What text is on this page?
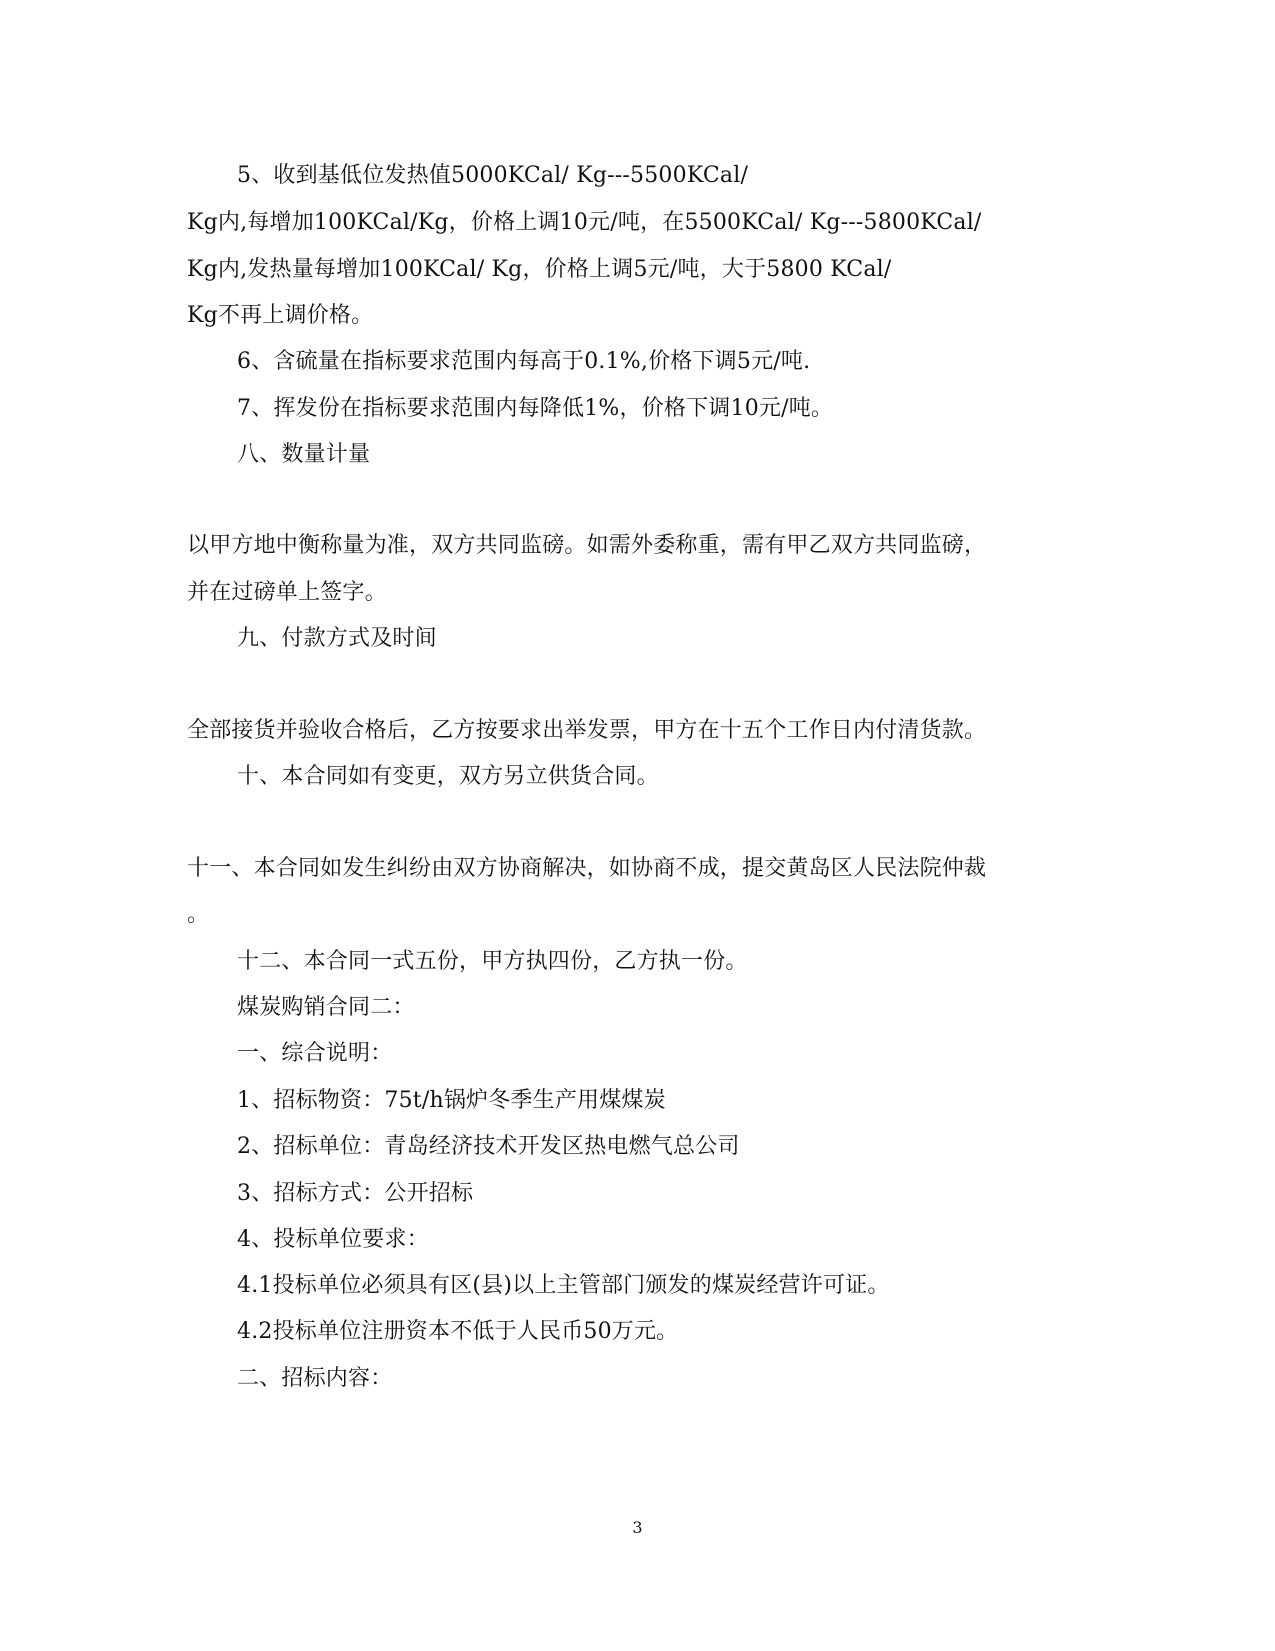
5、收到基低位发热值5000KCal/ Kg---5500KCal/

Kg内,每增加100KCal/Kg，价格上调10元/吨，在5500KCal/ Kg---5800KCal/

Kg内,发热量每增加100KCal/ Kg，价格上调5元/吨，大于5800 KCal/

Kg不再上调价格。

6、含硫量在指标要求范围内每高于0.1%,价格下调5元/吨.

7、挥发份在指标要求范围内每降低1%，价格下调10元/吨。

八、数量计量

以甲方地中衡称量为准，双方共同监磅。如需外委称重，需有甲乙双方共同监磅，

并在过磅单上签字。

九、付款方式及时间

全部接货并验收合格后，乙方按要求出举发票，甲方在十五个工作日内付清货款。

十、本合同如有变更，双方另立供货合同。

十一、本合同如发生纠纷由双方协商解决，如协商不成，提交黄岛区人民法院仲裁

。

十二、本合同一式五份，甲方执四份，乙方执一份。

煤炭购销合同二：

一、综合说明：

1、招标物资：75t/h锅炉冬季生产用煤煤炭

2、招标单位：青岛经济技术开发区热电燃气总公司

3、招标方式：公开招标

4、投标单位要求：

4.1投标单位必须具有区(县)以上主管部门颁发的煤炭经营许可证。

4.2投标单位注册资本不低于人民币50万元。

二、招标内容：

3
